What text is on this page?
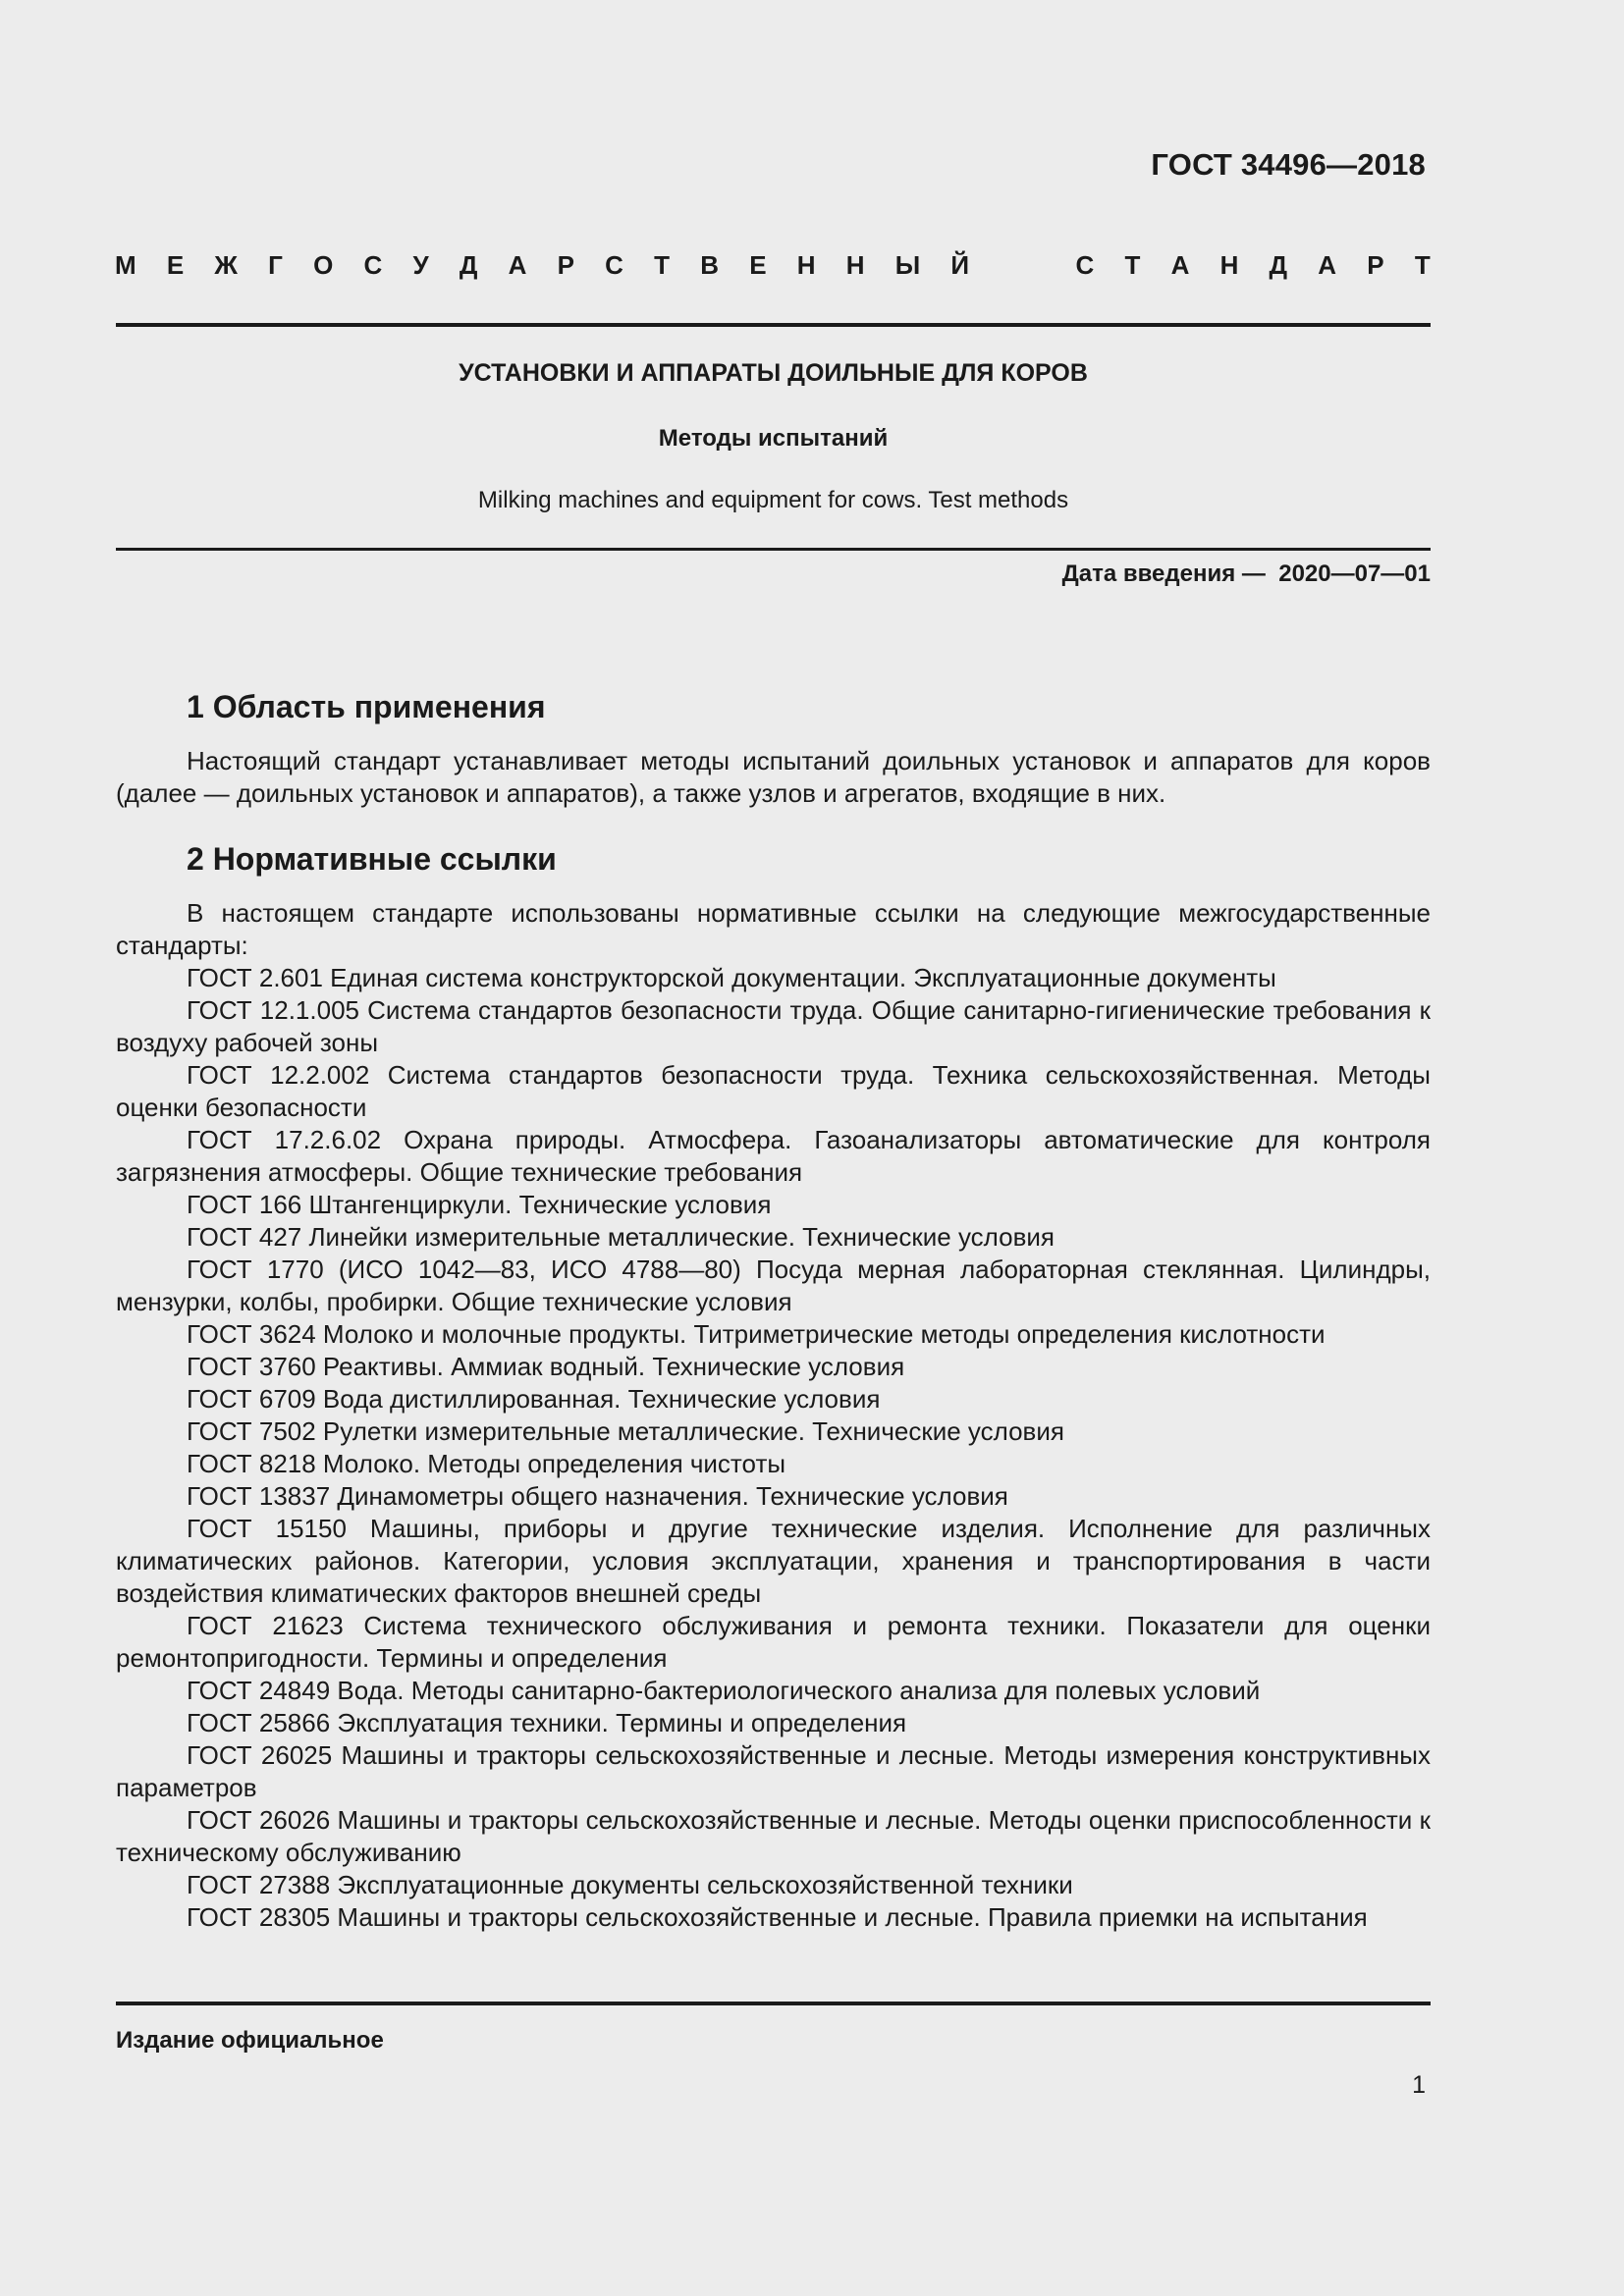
ГОСТ 34496—2018
М Е Ж Г О С У Д А Р С Т В Е Н Н Ы Й	С Т А Н Д А Р Т
УСТАНОВКИ И АППАРАТЫ ДОИЛЬНЫЕ ДЛЯ КОРОВ
Методы испытаний
Milking machines and equipment for cows. Test methods
Дата введения —  2020—07—01
1 Область применения

Настоящий стандарт устанавливает методы испытаний доильных установок и аппаратов для коров (далее — доильных установок и аппаратов), а также узлов и агрегатов, входящие в них.

2 Нормативные ссылки

В настоящем стандарте использованы нормативные ссылки на следующие межгосударственные стандарты:

ГОСТ 2.601 Единая система конструкторской документации. Эксплуатационные документы

ГОСТ 12.1.005 Система стандартов безопасности труда. Общие санитарно-гигиенические требования к воздуху рабочей зоны

ГОСТ 12.2.002 Система стандартов безопасности труда. Техника сельскохозяйственная. Методы оценки безопасности

ГОСТ 17.2.6.02 Охрана природы. Атмосфера. Газоанализаторы автоматические для контроля загрязнения атмосферы. Общие технические требования

ГОСТ 166 Штангенциркули. Технические условия

ГОСТ 427 Линейки измерительные металлические. Технические условия

ГОСТ 1770 (ИСО 1042—83, ИСО 4788—80) Посуда мерная лабораторная стеклянная. Цилиндры, мензурки, колбы, пробирки. Общие технические условия

ГОСТ 3624 Молоко и молочные продукты. Титриметрические методы определения кислотности

ГОСТ 3760 Реактивы. Аммиак водный. Технические условия

ГОСТ 6709 Вода дистиллированная. Технические условия

ГОСТ 7502 Рулетки измерительные металлические. Технические условия

ГОСТ 8218 Молоко. Методы определения чистоты

ГОСТ 13837 Динамометры общего назначения. Технические условия

ГОСТ 15150 Машины, приборы и другие технические изделия. Исполнение для различных климатических районов. Категории, условия эксплуатации, хранения и транспортирования в части воздействия климатических факторов внешней среды

ГОСТ 21623 Система технического обслуживания и ремонта техники. Показатели для оценки ремонтопригодности. Термины и определения

ГОСТ 24849 Вода. Методы санитарно-бактериологического анализа для полевых условий

ГОСТ 25866 Эксплуатация техники. Термины и определения

ГОСТ 26025 Машины и тракторы сельскохозяйственные и лесные. Методы измерения конструктивных параметров

ГОСТ 26026 Машины и тракторы сельскохозяйственные и лесные. Методы оценки приспособленности к техническому обслуживанию

ГОСТ 27388 Эксплуатационные документы сельскохозяйственной техники

ГОСТ 28305 Машины и тракторы сельскохозяйственные и лесные. Правила приемки на испытания

Издание официальное
1
